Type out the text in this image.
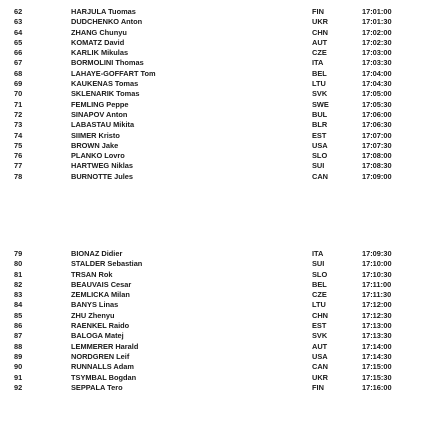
62	HARJULA Tuomas	FIN	17:01:00
63	DUDCHENKO Anton	UKR	17:01:30
64	ZHANG Chunyu	CHN	17:02:00
65	KOMATZ David	AUT	17:02:30
66	KARLIK Mikulas	CZE	17:03:00
67	BORMOLINI Thomas	ITA	17:03:30
68	LAHAYE-GOFFART Tom	BEL	17:04:00
69	KAUKENAS Tomas	LTU	17:04:30
70	SKLENARIK Tomas	SVK	17:05:00
71	FEMLING Peppe	SWE	17:05:30
72	SINAPOV Anton	BUL	17:06:00
73	LABASTAU Mikita	BLR	17:06:30
74	SIIMER Kristo	EST	17:07:00
75	BROWN Jake	USA	17:07:30
76	PLANKO Lovro	SLO	17:08:00
77	HARTWEG Niklas	SUI	17:08:30
78	BURNOTTE Jules	CAN	17:09:00
79	BIONAZ Didier	ITA	17:09:30
80	STALDER Sebastian	SUI	17:10:00
81	TRSAN Rok	SLO	17:10:30
82	BEAUVAIS Cesar	BEL	17:11:00
83	ZEMLICKA Milan	CZE	17:11:30
84	BANYS Linas	LTU	17:12:00
85	ZHU Zhenyu	CHN	17:12:30
86	RAENKEL Raido	EST	17:13:00
87	BALOGA Matej	SVK	17:13:30
88	LEMMERER Harald	AUT	17:14:00
89	NORDGREN Leif	USA	17:14:30
90	RUNNALLS Adam	CAN	17:15:00
91	TSYMBAL Bogdan	UKR	17:15:30
92	SEPPALA Tero	FIN	17:16:00
